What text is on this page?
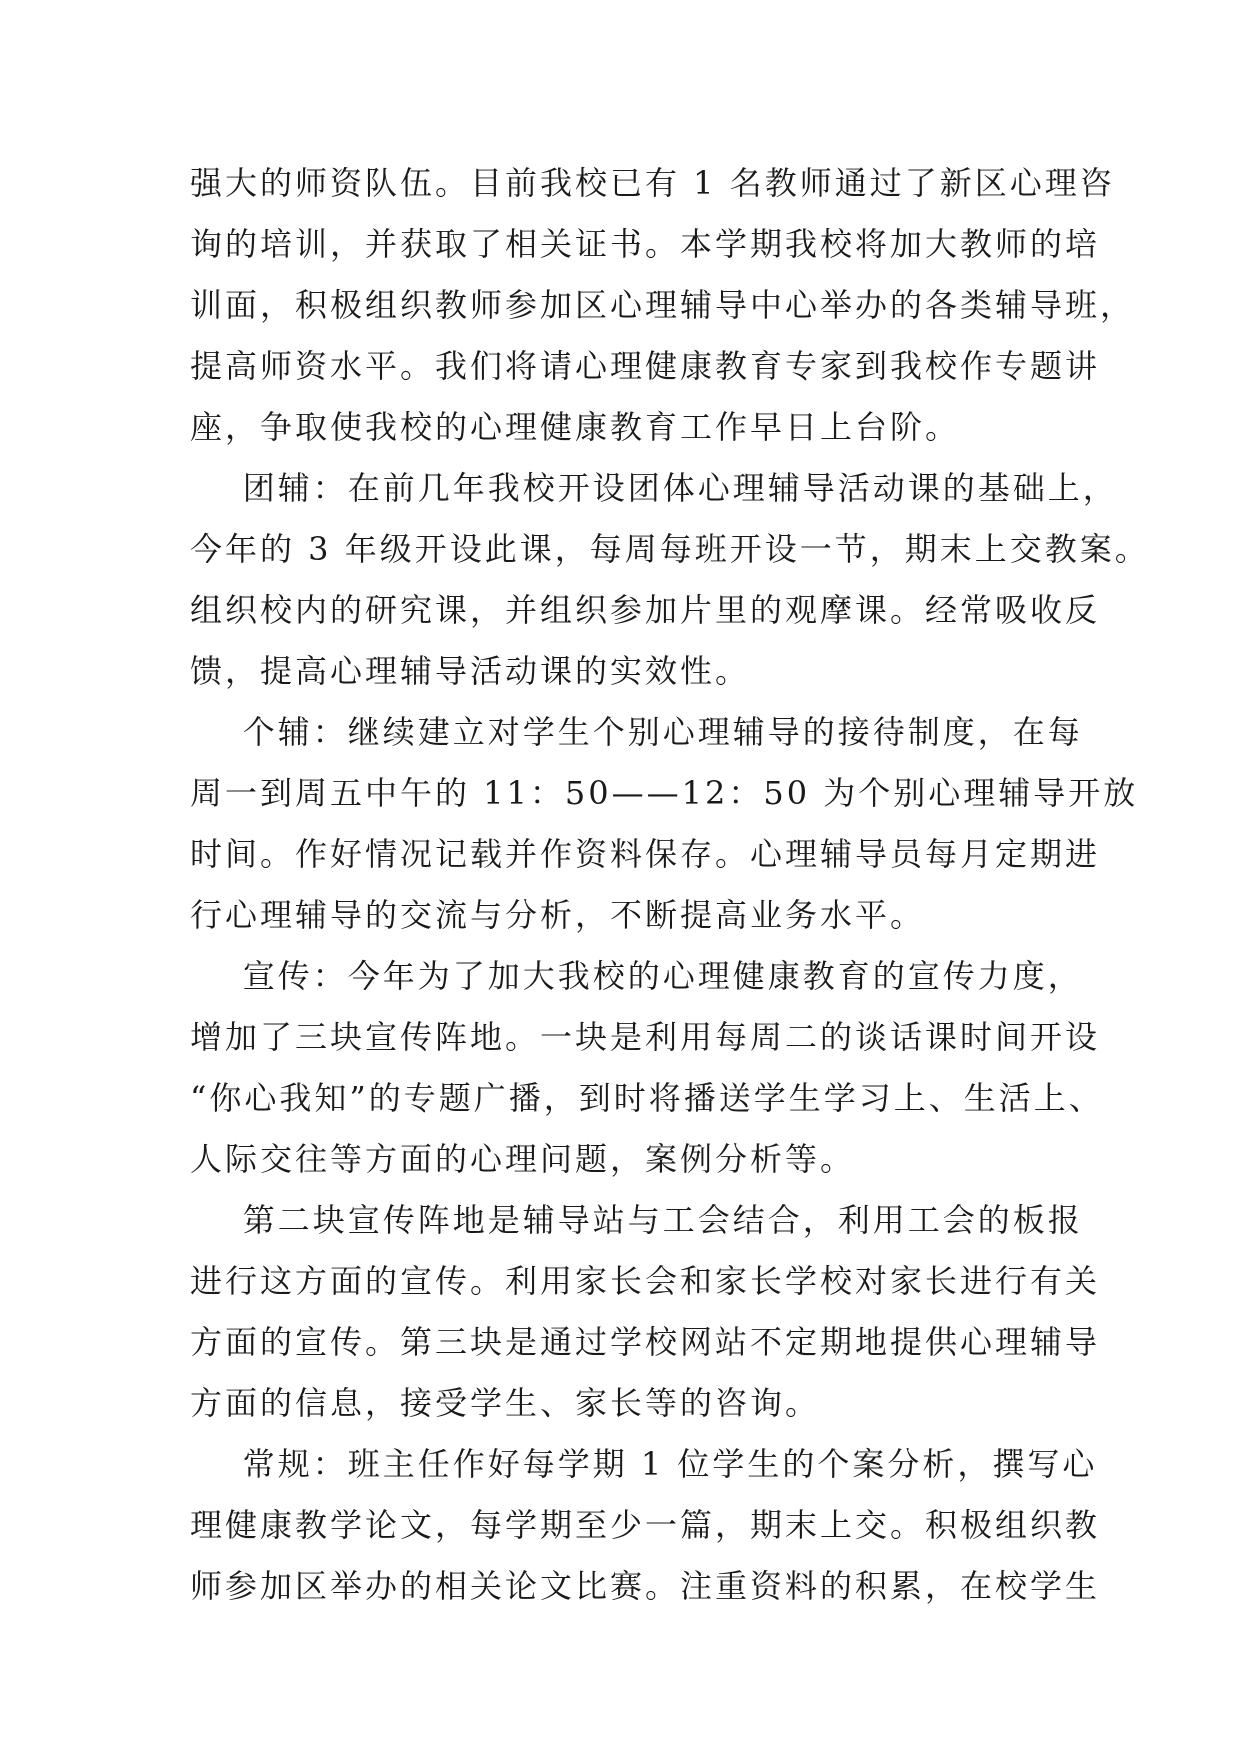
强大的师资队伍。目前我校已有 1 名教师通过了新区心理咨
询的培训，并获取了相关证书。本学期我校将加大教师的培
训面，积极组织教师参加区心理辅导中心举办的各类辅导班，
提高师资水平。我们将请心理健康教育专家到我校作专题讲
座，争取使我校的心理健康教育工作早日上台阶。
团辅：在前几年我校开设团体心理辅导活动课的基础上，
今年的 3 年级开设此课，每周每班开设一节，期末上交教案。
组织校内的研究课，并组织参加片里的观摩课。经常吸收反
馈，提高心理辅导活动课的实效性。
个辅：继续建立对学生个别心理辅导的接待制度，在每
周一到周五中午的 11：50——12：50 为个别心理辅导开放
时间。作好情况记载并作资料保存。心理辅导员每月定期进
行心理辅导的交流与分析，不断提高业务水平。
宣传：今年为了加大我校的心理健康教育的宣传力度，
增加了三块宣传阵地。一块是利用每周二的谈话课时间开设
“你心我知”的专题广播，到时将播送学生学习上、生活上、
人际交往等方面的心理问题，案例分析等。
第二块宣传阵地是辅导站与工会结合，利用工会的板报
进行这方面的宣传。利用家长会和家长学校对家长进行有关
方面的宣传。第三块是通过学校网站不定期地提供心理辅导
方面的信息，接受学生、家长等的咨询。
常规：班主任作好每学期 1 位学生的个案分析，撰写心
理健康教学论文，每学期至少一篇，期末上交。积极组织教
师参加区举办的相关论文比赛。注重资料的积累，在校学生
